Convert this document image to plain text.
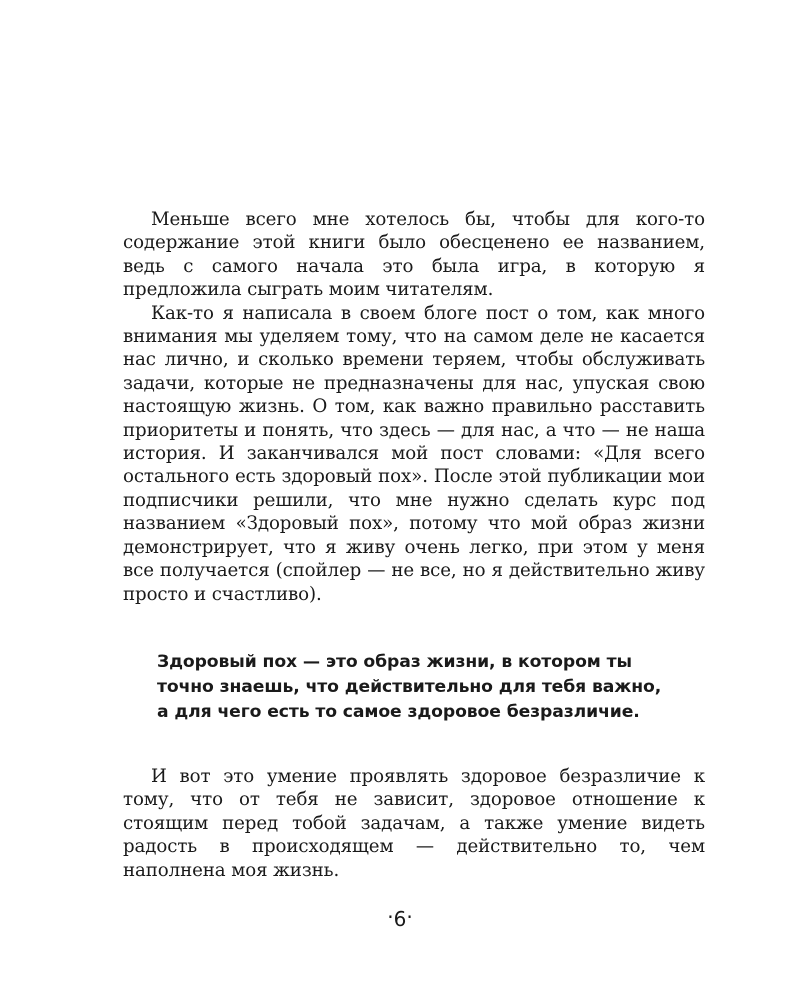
Меньше всего мне хотелось бы, чтобы для кого-то содержание этой книги было обесценено ее названием, ведь с самого начала это была игра, в которую я предложила сыграть моим читателям.

Как-то я написала в своем блоге пост о том, как много внимания мы уделяем тому, что на самом деле не касается нас лично, и сколько времени теряем, чтобы обслуживать задачи, которые не предназначены для нас, упуская свою настоящую жизнь. О том, как важно правильно расставить приоритеты и понять, что здесь — для нас, а что — не наша история. И заканчивался мой пост словами: «Для всего остального есть здоровый пох». После этой публикации мои подписчики решили, что мне нужно сделать курс под названием «Здоровый пох», потому что мой образ жизни демонстрирует, что я живу очень легко, при этом у меня все получается (спойлер — не все, но я действительно живу просто и счастливо).

Здоровый пох — это образ жизни, в котором ты
точно знаешь, что действительно для тебя важно,
а для чего есть то самое здоровое безразличие.

И вот это умение проявлять здоровое безразличие к тому, что от тебя не зависит, здоровое отношение к стоящим перед тобой задачам, а также умение видеть радость в происходящем — действительно то, чем наполнена моя жизнь.

·6·
